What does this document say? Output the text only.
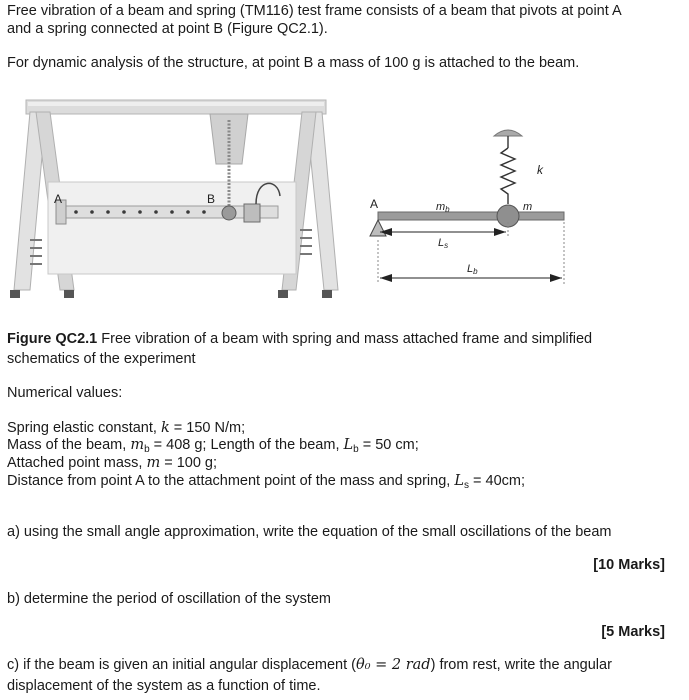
Free vibration of a beam and spring (TM116) test frame consists of a beam that pivots at point A
and a spring connected at point B (Figure QC2.1).
For dynamic analysis of the structure, at point B a mass of 100 g is attached to the beam.
A	B
k
m
A	mb
Ls
Lb
Figure QC2.1 Free vibration of a beam with spring and mass attached frame and simplified
schematics of the experiment
Numerical values:
Spring elastic constant, k = 150 N/m;
Mass of the beam, $m_b = 408$ g; Length of the beam, $L_b = 50$ cm;
Attached point mass, m = 100 g;
Distance from point A to the attachment point of the mass and spring, $L_s = 40cm$;
a) using the small angle approximation, write the equation of the small oscillations of the beam
[10 Marks]
b) determine the period of oscillation of the system
[5 Marks]
c) if the beam is given an initial angular displacement (θ₀ = 2 rad) from rest, write the angular
displacement of the system as a function of time.
